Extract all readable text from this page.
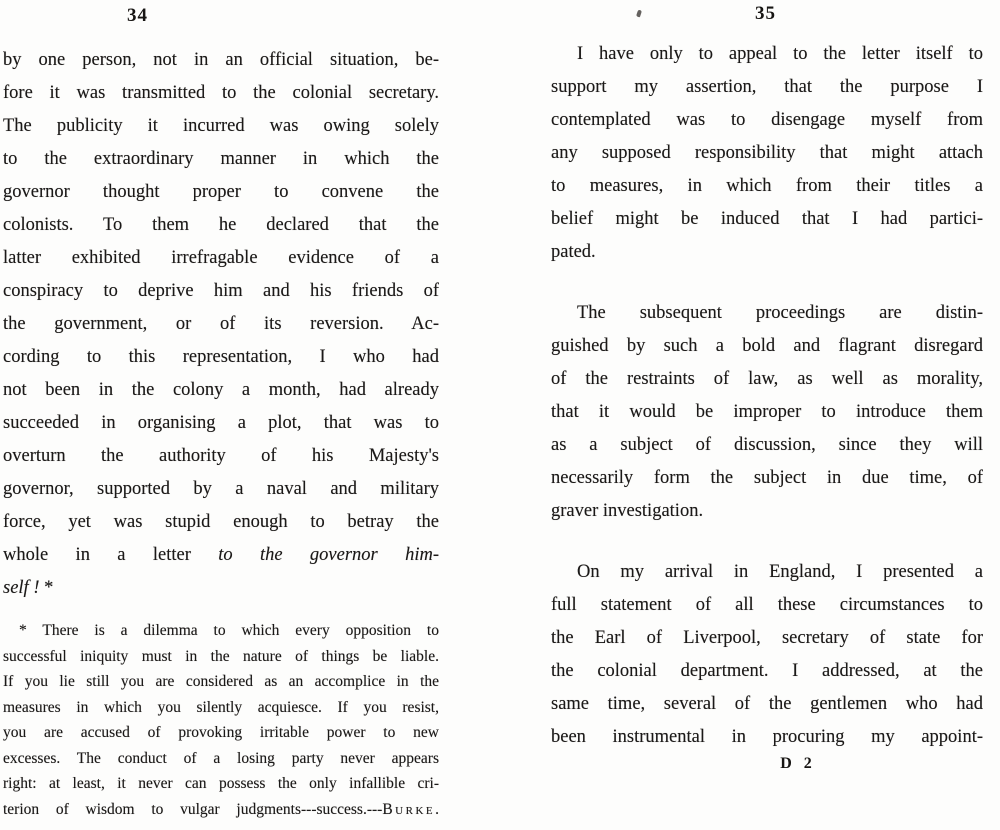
34
by one person, not in an official situation, be-
fore it was transmitted to the colonial secretary.
The publicity it incurred was owing solely
to the extraordinary manner in which the
governor thought proper to convene the
colonists. To them he declared that the
latter exhibited irrefragable evidence of a
conspiracy to deprive him and his friends of
the government, or of its reversion. Ac-
cording to this representation, I who had
not been in the colony a month, had already
succeeded in organising a plot, that was to
overturn the authority of his Majesty's
governor, supported by a naval and military
force, yet was stupid enough to betray the
whole in a letter to the governor him-
self ! *
* There is a dilemma to which every opposition to
successful iniquity must in the nature of things be liable.
If you lie still you are considered as an accomplice in the
measures in which you silently acquiesce. If you resist,
you are accused of provoking irritable power to new
excesses. The conduct of a losing party never appears
right: at least, it never can possess the only infallible cri-
terion of wisdom to vulgar judgments---success.---Burke.
35
I have only to appeal to the letter itself to
support my assertion, that the purpose I
contemplated was to disengage myself from
any supposed responsibility that might attach
to measures, in which from their titles a
belief might be induced that I had partici-
pated.
The subsequent proceedings are distin-
guished by such a bold and flagrant disregard
of the restraints of law, as well as morality,
that it would be improper to introduce them
as a subject of discussion, since they will
necessarily form the subject in due time, of
graver investigation.
On my arrival in England, I presented a
full statement of all these circumstances to
the Earl of Liverpool, secretary of state for
the colonial department. I addressed, at the
same time, several of the gentlemen who had
been instrumental in procuring my appoint-
D 2
